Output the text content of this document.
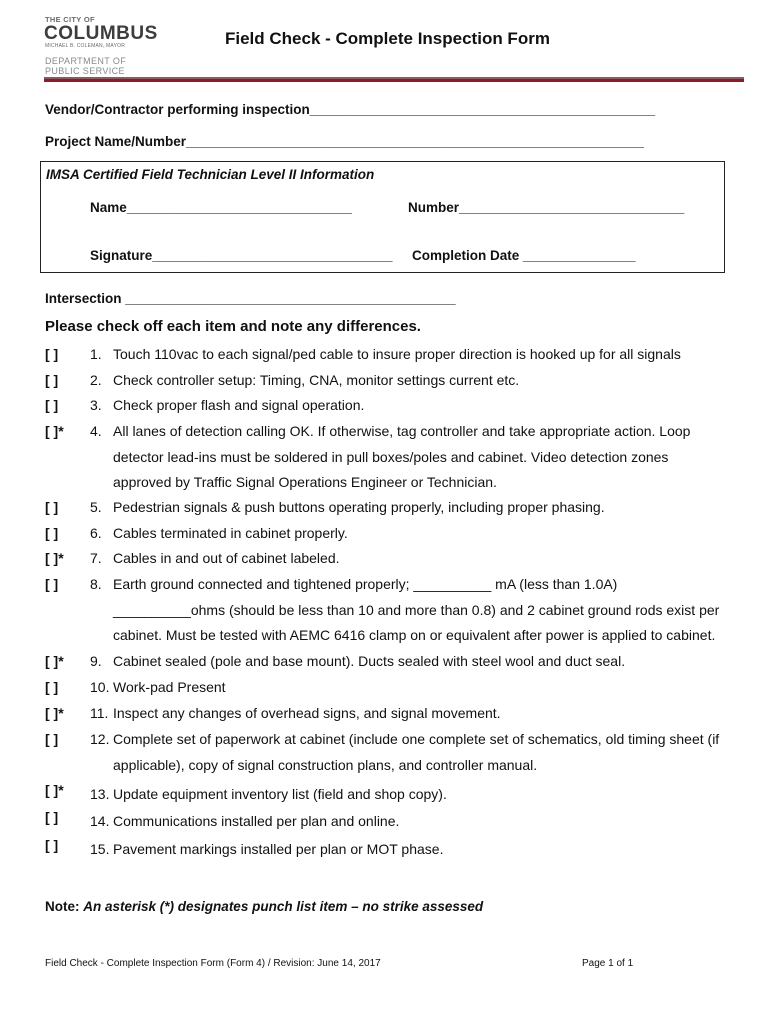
THE CITY OF
COLUMBUS
MICHAEL B. COLEMAN, MAYOR
DEPARTMENT OF
PUBLIC SERVICE
Field Check - Complete Inspection Form
Vendor/Contractor performing inspection______________________________________________
Project Name/Number_____________________________________________________________
IMSA Certified Field Technician Level II Information
Name______________________________	Number______________________________
Signature________________________________ Completion Date _______________
Intersection ____________________________________________
Please check off each item and note any differences.
[ ] 1. Touch 110vac to each signal/ped cable to insure proper direction is hooked up for all signals
[ ] 2. Check controller setup: Timing, CNA, monitor settings current etc.
[ ] 3. Check proper flash and signal operation.
[ ]* 4. All lanes of detection calling OK. If otherwise, tag controller and take appropriate action. Loop
detector lead-ins must be soldered in pull boxes/poles and cabinet. Video detection zones
approved by Traffic Signal Operations Engineer or Technician.
[ ] 5. Pedestrian signals & push buttons operating properly, including proper phasing.
[ ] 6. Cables terminated in cabinet properly.
[ ]* 7. Cables in and out of cabinet labeled.
[ ] 8. Earth ground connected and tightened properly; __________ mA (less than 1.0A)
__________ohms (should be less than 10 and more than 0.8) and 2 cabinet ground rods exist per
cabinet. Must be tested with AEMC 6416 clamp on or equivalent after power is applied to cabinet.
[ ]* 9. Cabinet sealed (pole and base mount). Ducts sealed with steel wool and duct seal.
[ ] 10. Work-pad Present
[ ]* 11. Inspect any changes of overhead signs, and signal movement.
[ ] 12. Complete set of paperwork at cabinet (include one complete set of schematics, old timing sheet (if
applicable), copy of signal construction plans, and controller manual.
[ ]* 13. Update equipment inventory list (field and shop copy).
[ ] 14. Communications installed per plan and online.
[ ] 15. Pavement markings installed per plan or MOT phase.
Note: An asterisk (*) designates punch list item – no strike assessed
Field Check - Complete Inspection Form (Form 4) / Revision: June 14, 2017	Page 1 of 1
